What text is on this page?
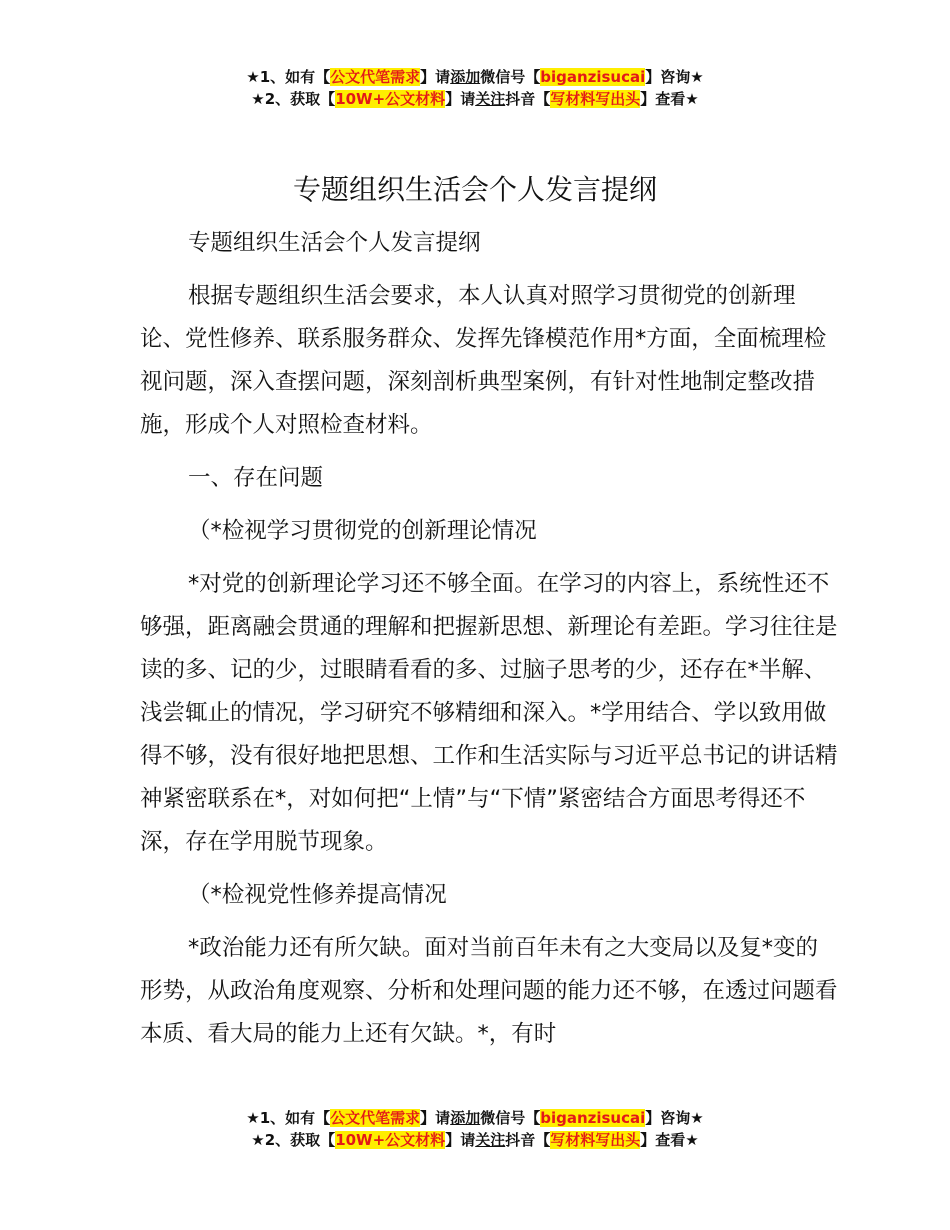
★1、如有【公文代笔需求】请添加微信号【biganzisucai】咨询★
★2、获取【10W+公文材料】请关注抖音【写材料写出头】查看★
专题组织生活会个人发言提纲

专题组织生活会个人发言提纲

根据专题组织生活会要求，本人认真对照学习贯彻党的创新理论、党性修养、联系服务群众、发挥先锋模范作用*方面，全面梳理检视问题，深入查摆问题，深刻剖析典型案例，有针对性地制定整改措施，形成个人对照检查材料。

一、存在问题

（*检视学习贯彻党的创新理论情况

*对党的创新理论学习还不够全面。在学习的内容上，系统性还不够强，距离融会贯通的理解和把握新思想、新理论有差距。学习往往是读的多、记的少，过眼睛看看的多、过脑子思考的少，还存在*半解、浅尝辄止的情况，学习研究不够精细和深入。*学用结合、学以致用做得不够，没有很好地把思想、工作和生活实际与习近平总书记的讲话精神紧密联系在*，对如何把“上情”与“下情”紧密结合方面思考得还不深，存在学用脱节现象。

（*检视党性修养提高情况

*政治能力还有所欠缺。面对当前百年未有之大变局以及复*变的形势，从政治角度观察、分析和处理问题的能力还不够，在透过问题看本质、看大局的能力上还有欠缺。*，有时

★1、如有【公文代笔需求】请添加微信号【biganzisucai】咨询★
★2、获取【10W+公文材料】请关注抖音【写材料写出头】查看★
